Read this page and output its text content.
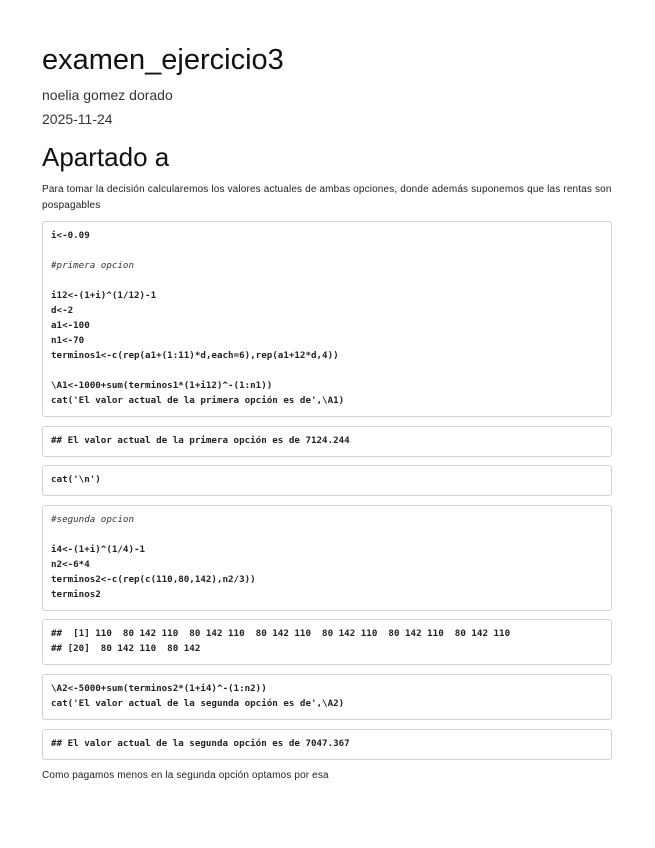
examen_ejercicio3
noelia gomez dorado
2025-11-24
Apartado a

Para tomar la decisión calcularemos los valores actuales de ambas opciones, donde además suponemos que las rentas son pospagables

i<-0.09

#primera opcion

i12<-(1+i)^(1/12)-1
d<-2
a1<-100
n1<-70
terminos1<-c(rep(a1+(1:11)*d,each=6),rep(a1+12*d,4))

\A1<-1000+sum(terminos1*(1+i12)^-(1:n1))
cat('El valor actual de la primera opción es de',\A1)
## El valor actual de la primera opción es de 7124.244
cat('\n')
#segunda opcion

i4<-(1+i)^(1/4)-1
n2<-6*4
terminos2<-c(rep(c(110,80,142),n2/3))
terminos2
##  [1] 110  80 142 110  80 142 110  80 142 110  80 142 110  80 142 110  80 142 110
## [20]  80 142 110  80 142
\A2<-5000+sum(terminos2*(1+i4)^-(1:n2))
cat('El valor actual de la segunda opción es de',\A2)
## El valor actual de la segunda opción es de 7047.367

Como pagamos menos en la segunda opción optamos por esa
